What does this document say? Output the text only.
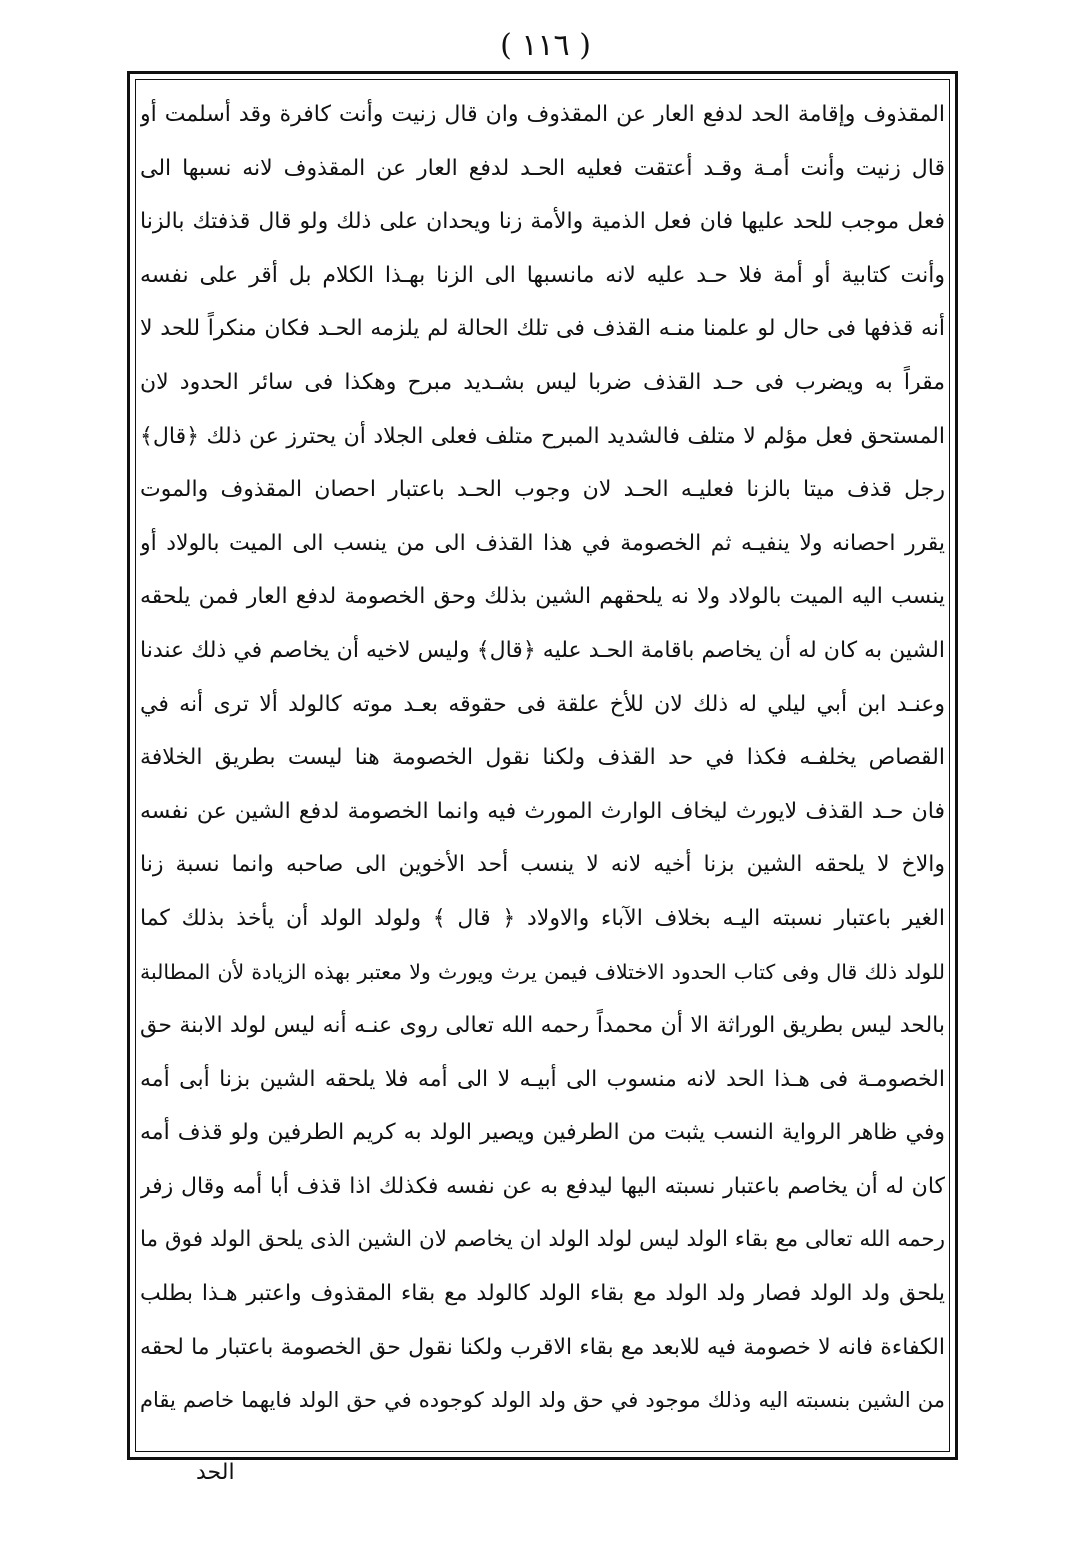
( ١١٦ )
المقذوف وإقامة الحد لدفع العار عن المقذوف وان قال زنيت وأنت كافرة وقد أسلمت أو
قال زنيت وأنت أمـة وقـد أعتقت فعليه الحـد لدفع العار عن المقذوف لانه نسبها الى
فعل موجب للحد عليها فان فعل الذمية والأمة زنا ويحدان على ذلك ولو قال قذفتك بالزنا
وأنت كتابية أو أمة فلا حـد عليه لانه مانسبها الى الزنا بهـذا الكلام بل أقر على نفسه
أنه قذفها فى حال لو علمنا منـه القذف فى تلك الحالة لم يلزمه الحـد فكان منكراً للحد لا
مقراً به ويضرب فى حـد القذف ضربا ليس بشـديد مبرح وهكذا فى سائر الحدود لان
المستحق فعل مؤلم لا متلف فالشديد المبرح متلف فعلى الجلاد أن يحترز عن ذلك ﴿قال﴾
رجل قذف ميتا بالزنا فعليـه الحـد لان وجوب الحـد باعتبار احصان المقذوف والموت
يقرر احصانه ولا ينفيـه ثم الخصومة في هذا القذف الى من ينسب الى الميت بالولاد أو
ينسب اليه الميت بالولاد ولا نه يلحقهم الشين بذلك وحق الخصومة لدفع العار فمن يلحقه
الشين به كان له أن يخاصم باقامة الحـد عليه ﴿قال﴾ وليس لاخيه أن يخاصم في ذلك عندنا
وعنـد ابن أبي ليلي له ذلك لان للأخ علقة فى حقوقه بعـد موته كالولد ألا ترى أنه في
القصاص يخلفـه فكذا في حد القذف ولكنا نقول الخصومة هنا ليست بطريق الخلافة
فان حـد القذف لايورث ليخاف الوارث المورث فيه وانما الخصومة لدفع الشين عن نفسه
والاخ لا يلحقه الشين بزنا أخيه لانه لا ينسب أحد الأخوين الى صاحبه وانما نسبة زنا
الغير باعتبار نسبته اليـه بخلاف الآباء والاولاد ﴿ قال ﴾ ولولد الولد أن يأخذ بذلك كما
للولد ذلك قال وفى كتاب الحدود الاختلاف فيمن يرث ويورث ولا معتبر بهذه الزيادة لأن المطالبة
بالحد ليس بطريق الوراثة الا أن محمداً رحمه الله تعالى روى عنـه أنه ليس لولد الابنة حق
الخصومـة فى هـذا الحد لانه منسوب الى أبيـه لا الى أمه فلا يلحقه الشين بزنا أبى أمه
وفي ظاهر الرواية النسب يثبت من الطرفين ويصير الولد به كريم الطرفين ولو قذف أمه
كان له أن يخاصم باعتبار نسبته اليها ليدفع به عن نفسه فكذلك اذا قذف أبا أمه وقال زفر
رحمه الله تعالى مع بقاء الولد ليس لولد الولد ان يخاصم لان الشين الذى يلحق الولد فوق ما
يلحق ولد الولد فصار ولد الولد مع بقاء الولد كالولد مع بقاء المقذوف واعتبر هـذا بطلب
الكفاءة فانه لا خصومة فيه للابعد مع بقاء الاقرب ولكنا نقول حق الخصومة باعتبار ما لحقه
من الشين بنسبته اليه وذلك موجود في حق ولد الولد كوجوده في حق الولد فايهما خاصم يقام
الحد
